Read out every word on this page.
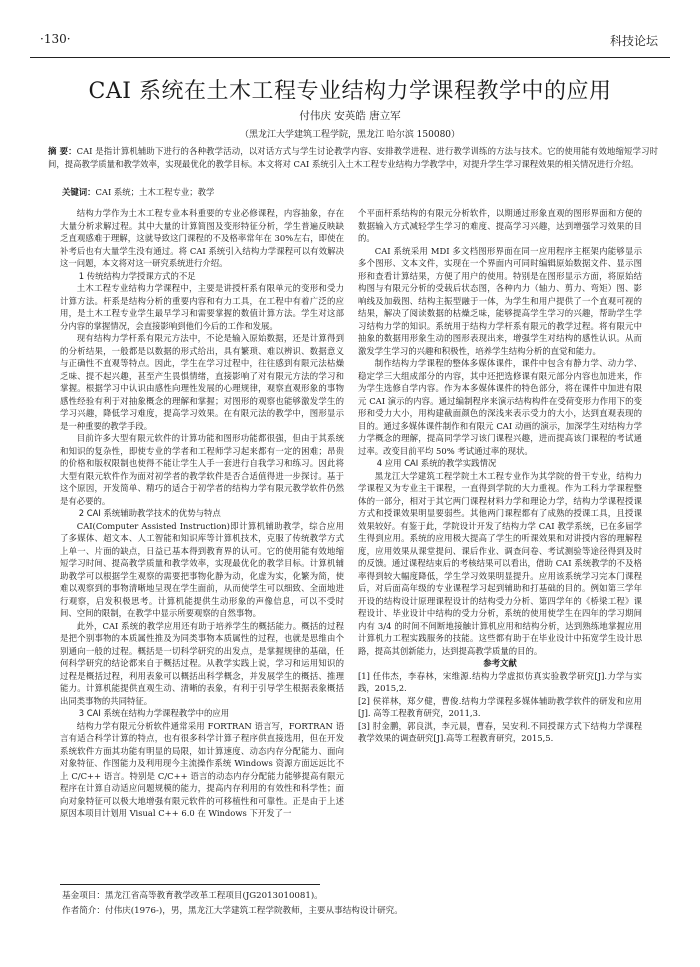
·130·	科技论坛
CAI 系统在土木工程专业结构力学课程教学中的应用
付伟庆 安英皓 唐立军
（黑龙江大学建筑工程学院，黑龙江 哈尔滨 150080）
摘 要：CAI 是指计算机辅助下进行的各种教学活动，以对话方式与学生讨论教学内容、安排教学进程、进行教学训练的方法与技术。它的使用能有效地缩短学习时间，提高教学质量和教学效率，实现最优化的教学目标。本文将对 CAI 系统引入土木工程专业结构力学教学中，对提升学生学习课程效果的相关情况进行介绍。
关键词：CAI 系统；土木工程专业；教学

结构力学作为土木工程专业本科重要的专业必修课程，内容抽象，存在大量分析求解过程。其中大量的计算简图及变形特征分析，学生普遍反映缺乏直观感难于理解，这就导致这门课程的不及格率常年在 30%左右，即使在补考后也有大量学生没有通过。将 CAI 系统引入结构力学课程可以有效解决这一问题，本文将对这一研究系统进行介绍。

1 传统结构力学授课方式的不足

土木工程专业结构力学课程中，主要是讲授杆系有限单元的变形和受力计算方法。杆系是结构分析的重要内容和有力工具，在工程中有着广泛的应用，是土木工程专业学生最早学习和需要掌握的数值计算方法。学生对这部分内容的掌握情况，会直接影响到他们今后的工作和发展。

现有结构力学杆系有限元方法中，不论是输入原始数据，还是计算得到的分析结果，一般都是以数据的形式给出，具有繁琐、难以辨识、数据意义与正确性不直观等特点。因此，学生在学习过程中，往往感到有限元法枯燥乏味、提不起兴趣，甚至产生畏惧情绪，直接影响了对有限元方法的学习和掌握。根据学习中认识由感性向理性发展的心理规律，观察直观形象的事物感性经验有利于对抽象概念的理解和掌握；对图形的观察也能够激发学生的学习兴趣，降低学习难度，提高学习效果。在有限元法的教学中，图形显示是一种重要的教学手段。

目前许多大型有限元软件的计算功能和图形功能都很强，但由于其系统和知识的复杂性，即使专业的学者和工程师学习起来都有一定的困难；昂贵的价格和版权限制也使得不能让学生人手一套进行自我学习和练习。因此将大型有限元软件作为面对初学者的教学软件是否合适值得进一步探讨。基于这个原因，开发简单、精巧的适合于初学者的结构力学有限元教学软件仍然是有必要的。

2 CAI 系统辅助教学技术的优势与特点

CAI(Computer Assisted Instruction)即计算机辅助教学，综合应用了多媒体、超文本、人工智能和知识库等计算机技术，克服了传统教学方式上单一、片面的缺点，日益已基本得到教育界的认可。它的使用能有效地缩短学习时间、提高教学质量和教学效率，实现最优化的教学目标。计算机辅助教学可以根据学生观察的需要把事物化静为动，化虚为实，化繁为简，使难以观察到的事物清晰地呈现在学生面前，从而使学生可以细致、全面地进行观察，启发积极思考。计算机能提供生动形象的声像信息，可以不受时间、空间的限制，在教学中显示所要观察的自然事物。

此外，CAI 系统的教学应用还有助于培养学生的概括能力。概括的过程是把个别事物的本质属性推及为同类事物本质属性的过程，也就是思维由个别通向一般的过程。概括是一切科学研究的出发点，是掌握规律的基础，任何科学研究的结论都来自于概括过程。从教学实践上说，学习和运用知识的过程是概括过程，利用表象可以概括出科学概念，并发展学生的概括、推理能力。计算机能提供直观生动、清晰的表象，有利于引导学生根据表象概括出同类事物的共同特征。

3 CAI 系统在结构力学课程教学中的应用

结构力学有限元分析软件通常采用 FORTRAN 语言写，FORTRAN 语言有适合科学计算的特点，也有很多科学计算子程序供直接选用，但在开发系统软件方面其功能有明显的局限，如计算速度、动态内存分配能力、面向对象特征、作图能力及利用现今主流操作系统 Windows 资源方面远远比不上 C/C++ 语言。特别是 C/C++ 语言的动态内存分配能力能够提高有限元程序在计算自动适应问题规模的能力，提高内存利用的有效性和科学性；面向对象特征可以极大地增强有限元软件的可移植性和可靠性。正是由于上述原因本项目计划用 Visual C++ 6.0 在 Windows 下开发了一

个平面杆系结构的有限元分析软件，以期通过形象直观的图形界面和方便的数据输入方式减轻学生学习的难度、提高学习兴趣，达到增强学习效果的目的。

CAI 系统采用 MDI 多文档图形界面在同一应用程序主框架内能够显示多个图形、文本文件，实现在一个界面内可同时编辑原始数据文件、显示图形和查看计算结果，方便了用户的使用。特别是在图形显示方面，将原始结构图与有限元分析的受载后状态图，各种内力（轴力、剪力、弯矩）图、影响线及加载图、结构主振型融于一体，为学生和用户提供了一个直观可视的结果，解决了阅读数据的枯燥乏味，能够提高学生学习的兴趣，帮助学生学习结构力学的知识。系统用于结构力学杆系有限元的教学过程。将有限元中抽象的数据用形象生动的图形表现出来，增强学生对结构的感性认识。从而激发学生学习的兴趣和积极性，培养学生结构分析的直觉和能力。

制作结构力学课程的整体多媒体课件，课件中包含有静力学、动力学、稳定学三大组成部分的内容，其中还把选修课有限元部分内容也加进来，作为学生选修自学内容。作为本多媒体课件的特色部分，将在课件中加进有限元 CAI 演示的内容。通过编制程序来演示结构构件在受荷变形力作用下的变形和受力大小，用构建截面颜色的深浅来表示受力的大小，达到直观表现的目的。通过多媒体课件制作和有限元 CAI 动画的演示，加深学生对结构力学力学概念的理解，提高同学学习该门课程兴趣，进而提高该门课程的考试通过率。改变目前平均 50% 考试通过率的现状。

4 应用 CAI 系统的教学实践情况

黑龙江大学建筑工程学院土木工程专业作为其学院的骨干专业，结构力学课程又为专业主干课程，一直得到学院的大力重视。作为工科力学课程整体的一部分，相对于其它两门课程材料力学和理论力学，结构力学课程授课方式和授课效果明显要弱些。其他两门课程都有了成熟的授课工具，且授课效果较好。有鉴于此，学院设计开发了结构力学 CAI 教学系统，已在多届学生得到应用。系统的应用极大提高了学生的听课效果和对讲授内容的理解程度，应用效果从课堂提问、课后作业、调查问卷、考试测验等途径得到及时的反馈。通过课程结束后的考核结果可以看出，借助 CAI 系统教学的不及格率得到较大幅度降低，学生学习效果明显提升。应用该系统学习完本门课程后，对后面高年级的专业课程学习起到辅助和打基础的目的。例如第三学年开设的结构设计原理课程设计的结构受力分析、第四学年的《桥梁工程》课程设计、毕业设计中结构的受力分析，系统的使用使学生在四年的学习期间内有 3/4 的时间不间断地接触计算机应用和结构分析，达到熟练地掌握应用计算机力工程实践服务的技能。这些都有助于在毕业设计中拓宽学生设计思路，提高其创新能力，达到提高教学质量的目的。

参考文献

[1] 任伟杰，李春林，宋维源.结构力学虚拟仿真实验教学研究[J].力学与实践，2015,2.

[2] 侯祥林，郑夕健，曹俊.结构力学课程多媒体辅助教学软件的研发和应用[J]. 高等工程教育研究，2011,3.

[3] 肘金鹏，郭良淇，李元晨，曹春，吴安利.不同授课方式下结构力学课程教学效果的调查研究[J].高等工程教育研究，2015,5.

基金项目：黑龙江省高等教育教学改革工程项目(JG2013010081)。
作者简介：付伟庆(1976-)，男，黑龙江大学建筑工程学院教师，主要从事结构设计研究。
